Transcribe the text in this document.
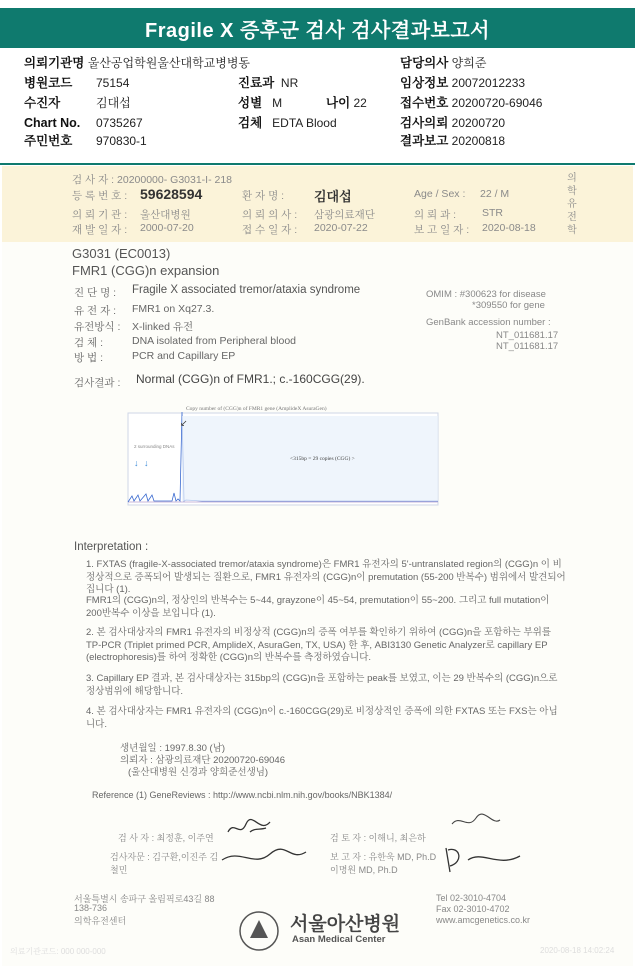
Fragile X 증후군 검사 검사결과보고서
의뢰기관명 울산공업학원울산대학교병병동	담당의사 양희준
병원코드 75154	진료과 NR	임상정보 20072012233
수진자	김대섭	성별 M	나이 22	접수번호 20200720-69046
Chart No. 0735267	검체 EDTA Blood	검사의뢰 20200720
주민번호 970830-1	결과보고 20200818
의학유전학
검 사 자 : 20200000- G3031-I- 218
등 록 번 호 : 59628594	환 자 명 : 김대섭	Age / Sex : 22 / M
의 뢰 기 관 : 울산대병원	의 뢰 의 사 : 삼광의료재단	의 뢰 과 : STR
재 발 일 자 : 2000-07-20	접 수 일 자 : 2020-07-22	보 고 일 자 : 2020-08-18
G3031 (EC0013)
FMR1 (CGG)n expansion
진 단 명 : Fragile X associated tremor/ataxia syndrome
유 전 자 : FMR1 on Xq27.3.
유전방식 : X-linked 유전
검 체 :	DNA isolated from Peripheral blood
방 법 :	PCR and Capillary EP
OMIM : #300623 for disease
*309550 for gene
GenBank accession number :
NT_011681.17
NT_011681.17
검사결과 : Normal (CGG)n of FMR1.; c.-160CGG(29).
Copy number of (CGG)n of FMR1 gene (AmplideX AsuraGen)
<315bp = 29 copies (CGG) >
2 surrounding DNAs
↓ ↓
↙
Interpretation :
1. FXTAS (fragile-X-associated tremor/ataxia syndrome)은 FMR1 유전자의 5'-untranslated region의 (CGG)n 이 비정상적으로 증폭되어 발생되는 질환으로, FMR1 유전자의 (CGG)n이 premutation (55-200 반복수) 범위에서 발견되어집니다 (1).
FMR1의 (CGG)n의, 정상인의 반복수는 5~44, grayzone이 45~54, premutation이 55~200. 그리고 full mutation이 200반복수 이상을 보입니다 (1).
2. 본 검사대상자의 FMR1 유전자의 비정상적 (CGG)n의 증폭 여부를 확인하기 위하여 (CGG)n을 포함하는 부위를 TP-PCR (Triplet primed PCR, AmplideX, AsuraGen, TX, USA) 한 후, ABI3130 Genetic Analyzer로 capillary EP (electrophoresis)를 하여 정확한 (CGG)n의 반복수를 측정하였습니다.
3. Capillary EP 결과, 본 검사대상자는 315bp의 (CGG)n을 포함하는 peak를 보였고, 이는 29 반복수의 (CGG)n으로 정상범위에 해당합니다.
4. 본 검사대상자는 FMR1 유전자의 (CGG)n이 c.-160CGG(29)로 비정상적인 증폭에 의한 FXTAS 또는 FXS는 아닙니다.
생년월일 : 1997.8.30 (남)
의뢰자 : 삼광의료재단 20200720-69046
(울산대병원 신경과 양희준선생님)
Reference (1) GeneReviews : http://www.ncbi.nlm.nih.gov/books/NBK1384/
검 사 자 : 최정훈, 이주연
검사자문 : 김구환,이진주 김철민
검 토 자 : 이해니, 최은하
보 고 자 : 유한욱 MD, Ph.D 이명원 MD, Ph.D
서울특별시 송파구 올림픽로43길 88
138-736
의학유전센터	서울아산병원
Asan Medical Center
Tel 02-3010-4704
Fax 02-3010-4702
www.amcgenetics.co.kr
의료기관코드: 000 000-000	2020-08-18 14:02:24
